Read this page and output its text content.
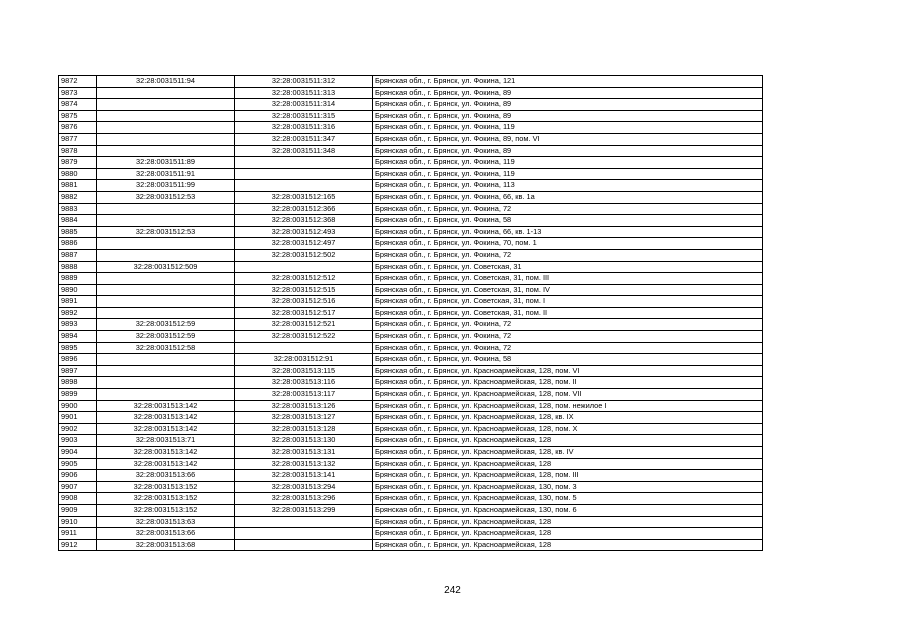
9872	32:28:0031511:94	32:28:0031511:312	Брянская обл., г. Брянск, ул. Фокина, 121
9873		32:28:0031511:313	Брянская обл., г. Брянск, ул. Фокина, 89
9874		32:28:0031511:314	Брянская обл., г. Брянск, ул. Фокина, 89
9875		32:28:0031511:315	Брянская обл., г. Брянск, ул. Фокина, 89
9876		32:28:0031511:316	Брянская обл., г. Брянск, ул. Фокина, 119
9877		32:28:0031511:347	Брянская обл., г. Брянск, ул. Фокина, 89, пом. VI
9878		32:28:0031511:348	Брянская обл., г. Брянск, ул. Фокина, 89
9879	32:28:0031511:89		Брянская обл., г. Брянск, ул. Фокина, 119
9880	32:28:0031511:91		Брянская обл., г. Брянск, ул. Фокина, 119
9881	32:28:0031511:99		Брянская обл., г. Брянск, ул. Фокина, 113
9882	32:28:0031512:53	32:28:0031512:165	Брянская обл., г. Брянск, ул. Фокина, 66, кв. 1а
9883		32:28:0031512:366	Брянская обл., г. Брянск, ул. Фокина, 72
9884		32:28:0031512:368	Брянская обл., г. Брянск, ул. Фокина, 58
9885	32:28:0031512:53	32:28:0031512:493	Брянская обл., г. Брянск, ул. Фокина, 66, кв. 1-13
9886		32:28:0031512:497	Брянская обл., г. Брянск, ул. Фокина, 70, пом. 1
9887		32:28:0031512:502	Брянская обл., г. Брянск, ул. Фокина, 72
9888	32:28:0031512:509		Брянская обл., г. Брянск, ул. Советская, 31
9889		32:28:0031512:512	Брянская обл., г. Брянск, ул. Советская, 31, пом. III
9890		32:28:0031512:515	Брянская обл., г. Брянск, ул. Советская, 31, пом. IV
9891		32:28:0031512:516	Брянская обл., г. Брянск, ул. Советская, 31, пом. I
9892		32:28:0031512:517	Брянская обл., г. Брянск, ул. Советская, 31, пом. II
9893	32:28:0031512:59	32:28:0031512:521	Брянская обл., г. Брянск, ул. Фокина, 72
9894	32:28:0031512:59	32:28:0031512:522	Брянская обл., г. Брянск, ул. Фокина, 72
9895	32:28:0031512:58		Брянская обл., г. Брянск, ул. Фокина, 72
9896		32:28:0031512:91	Брянская обл., г. Брянск, ул. Фокина, 58
9897		32:28:0031513:115	Брянская обл., г. Брянск, ул. Красноармейская, 128, пом. VI
9898		32:28:0031513:116	Брянская обл., г. Брянск, ул. Красноармейская, 128, пом. II
9899		32:28:0031513:117	Брянская обл., г. Брянск, ул. Красноармейская, 128, пом. VII
9900	32:28:0031513:142	32:28:0031513:126	Брянская обл., г. Брянск, ул. Красноармейская, 128, пом. нежилое I
9901	32:28:0031513:142	32:28:0031513:127	Брянская обл., г. Брянск, ул. Красноармейская, 128, кв. IX
9902	32:28:0031513:142	32:28:0031513:128	Брянская обл., г. Брянск, ул. Красноармейская, 128, пом. X
9903	32:28:0031513:71	32:28:0031513:130	Брянская обл., г. Брянск, ул. Красноармейская, 128
9904	32:28:0031513:142	32:28:0031513:131	Брянская обл., г. Брянск, ул. Красноармейская, 128, кв. IV
9905	32:28:0031513:142	32:28:0031513:132	Брянская обл., г. Брянск, ул. Красноармейская, 128
9906	32:28:0031513:66	32:28:0031513:141	Брянская обл., г. Брянск, ул. Красноармейская, 128, пом. III
9907	32:28:0031513:152	32:28:0031513:294	Брянская обл., г. Брянск, ул. Красноармейская, 130, пом. 3
9908	32:28:0031513:152	32:28:0031513:296	Брянская обл., г. Брянск, ул. Красноармейская, 130, пом. 5
9909	32:28:0031513:152	32:28:0031513:299	Брянская обл., г. Брянск, ул. Красноармейская, 130, пом. 6
9910	32:28:0031513:63		Брянская обл., г. Брянск, ул. Красноармейская, 128
9911	32:28:0031513:66		Брянская обл., г. Брянск, ул. Красноармейская, 128
9912	32:28:0031513:68		Брянская обл., г. Брянск, ул. Красноармейская, 128
242
